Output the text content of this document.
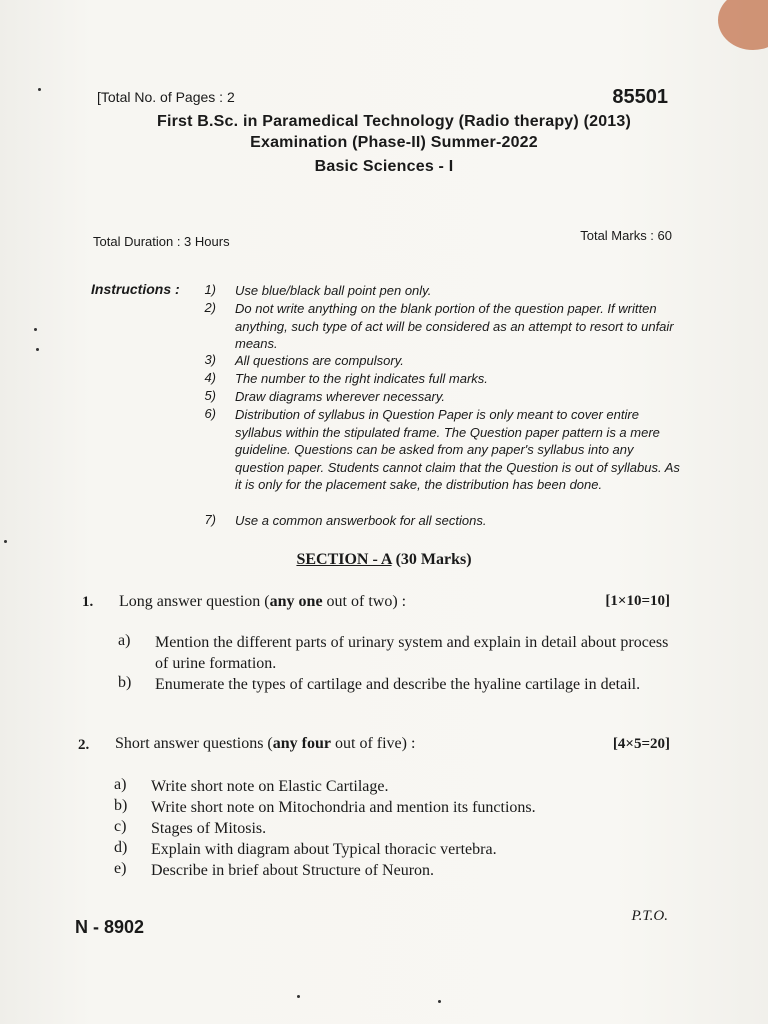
[Total No. of Pages : 2	85501

First B.Sc. in Paramedical Technology (Radio therapy) (2013)

Examination (Phase-II) Summer-2022

Basic Sciences - I

Total Duration : 3 Hours	Total Marks : 60

Instructions :	1) Use blue/black ball point pen only.
2) Do not write anything on the blank portion of the question paper. If written anything, such type of act will be considered as an attempt to resort to unfair means.
3) All questions are compulsory.
4) The number to the right indicates full marks.
5) Draw diagrams wherever necessary.
6) Distribution of syllabus in Question Paper is only meant to cover entire syllabus within the stipulated frame. The Question paper pattern is a mere guideline. Questions can be asked from any paper's syllabus into any question paper. Students cannot claim that the Question is out of syllabus. As it is only for the placement sake, the distribution has been done.
7) Use a common answerbook for all sections.

SECTION - A (30 Marks)

1. Long answer question (any one out of two) :	[1×10=10]

a) Mention the different parts of urinary system and explain in detail about process of urine formation.
b) Enumerate the types of cartilage and describe the hyaline cartilage in detail.

2. Short answer questions (any four out of five) :	[4×5=20]

a) Write short note on Elastic Cartilage.
b) Write short note on Mitochondria and mention its functions.
c) Stages of Mitosis.
d) Explain with diagram about Typical thoracic vertebra.
e) Describe in brief about Structure of Neuron.

N - 8902

P.T.O.
